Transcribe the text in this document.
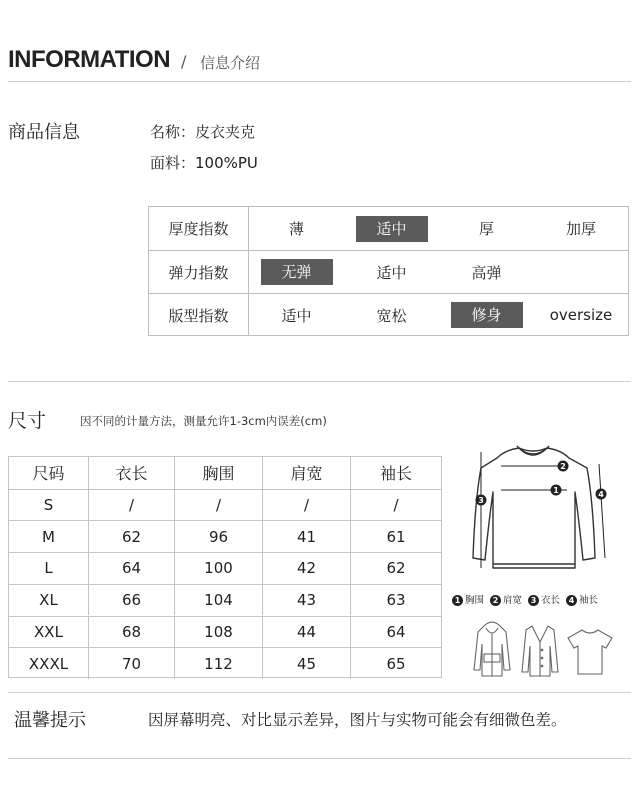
INFORMATION / 信息介绍
商品信息	名称：皮衣夹克
面料：100%PU
厚度指数	薄	适中	厚	加厚
弹力指数	无弹	适中	高弹
版型指数	适中	宽松	修身	oversize
尺寸	因不同的计量方法，测量允许1-3cm内误差(cm)
尺码	衣长	胸围	肩宽	袖长
S	/	/	/	/
M	62	96	41	61
L	64	100	42	62
XL	66	104	43	63
XXL	68	108	44	64
XXXL	70	112	45	65
2
1
3
4
1 胸围	2 肩宽	3 衣长	4 袖长
温馨提示	因屏幕明亮、对比显示差异，图片与实物可能会有细微色差。
